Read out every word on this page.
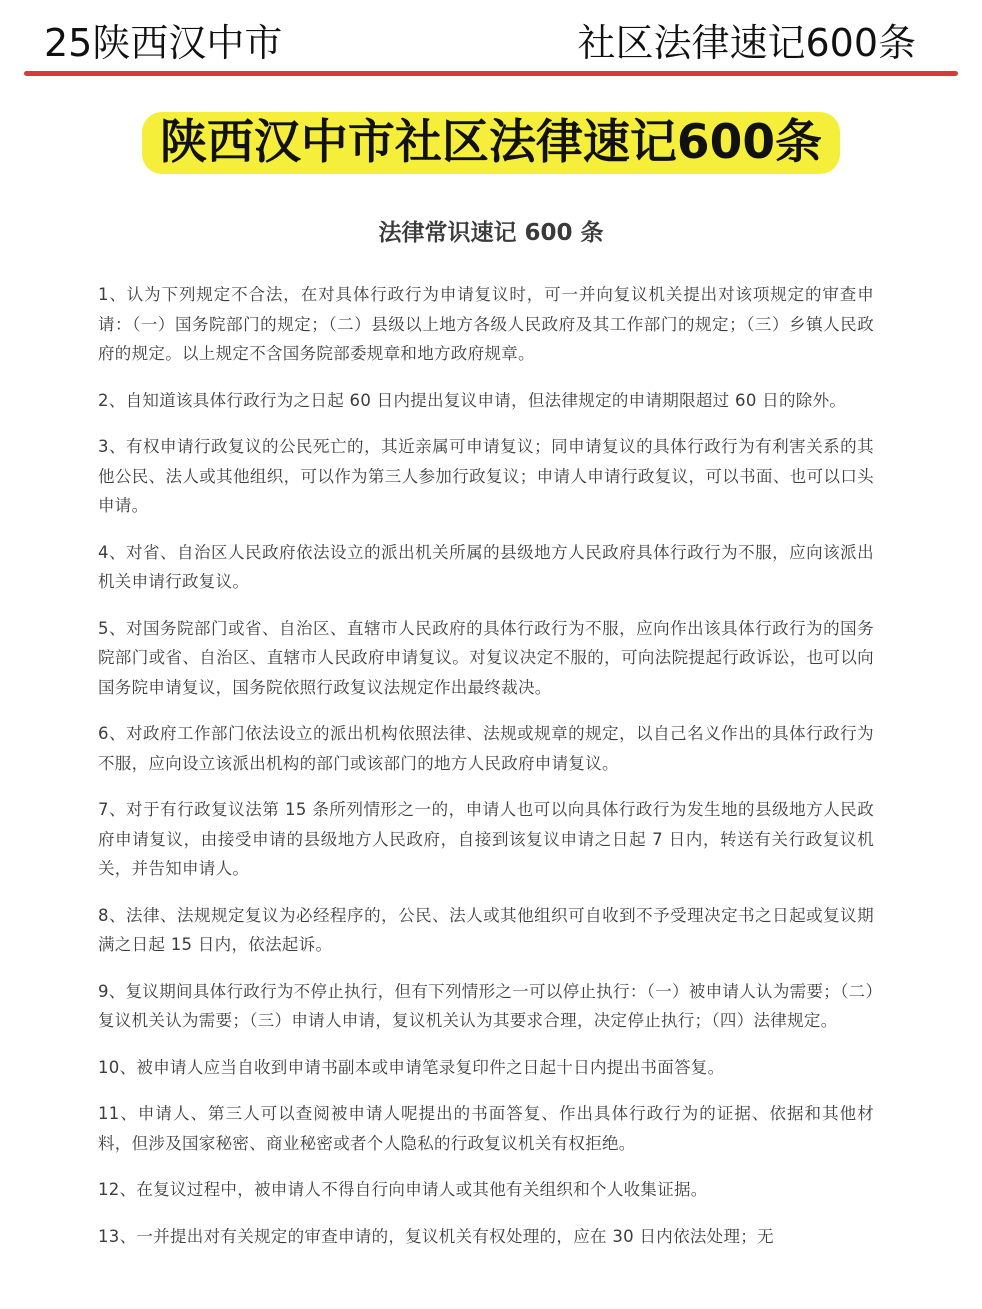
25陕西汉中市	社区法律速记600条
陕西汉中市社区法律速记600条
法律常识速记 600 条
1、认为下列规定不合法，在对具体行政行为申请复议时，可一并向复议机关提出对该项规定的审查申请：（一）国务院部门的规定；（二）县级以上地方各级人民政府及其工作部门的规定；（三）乡镇人民政府的规定。以上规定不含国务院部委规章和地方政府规章。
2、自知道该具体行政行为之日起 60 日内提出复议申请，但法律规定的申请期限超过 60 日的除外。
3、有权申请行政复议的公民死亡的，其近亲属可申请复议；同申请复议的具体行政行为有利害关系的其他公民、法人或其他组织，可以作为第三人参加行政复议；申请人申请行政复议，可以书面、也可以口头申请。
4、对省、自治区人民政府依法设立的派出机关所属的县级地方人民政府具体行政行为不服，应向该派出机关申请行政复议。
5、对国务院部门或省、自治区、直辖市人民政府的具体行政行为不服，应向作出该具体行政行为的国务院部门或省、自治区、直辖市人民政府申请复议。对复议决定不服的，可向法院提起行政诉讼，也可以向国务院申请复议，国务院依照行政复议法规定作出最终裁决。
6、对政府工作部门依法设立的派出机构依照法律、法规或规章的规定，以自己名义作出的具体行政行为不服，应向设立该派出机构的部门或该部门的地方人民政府申请复议。
7、对于有行政复议法第 15 条所列情形之一的，申请人也可以向具体行政行为发生地的县级地方人民政府申请复议，由接受申请的县级地方人民政府，自接到该复议申请之日起 7 日内，转送有关行政复议机关，并告知申请人。
8、法律、法规规定复议为必经程序的，公民、法人或其他组织可自收到不予受理决定书之日起或复议期满之日起 15 日内，依法起诉。
9、复议期间具体行政行为不停止执行，但有下列情形之一可以停止执行：（一）被申请人认为需要；（二）复议机关认为需要；（三）申请人申请，复议机关认为其要求合理，决定停止执行；（四）法律规定。
10、被申请人应当自收到申请书副本或申请笔录复印件之日起十日内提出书面答复。
11、申请人、第三人可以查阅被申请人呢提出的书面答复、作出具体行政行为的证据、依据和其他材料，但涉及国家秘密、商业秘密或者个人隐私的行政复议机关有权拒绝。
12、在复议过程中，被申请人不得自行向申请人或其他有关组织和个人收集证据。
13、一并提出对有关规定的审查申请的，复议机关有权处理的，应在 30 日内依法处理；无
